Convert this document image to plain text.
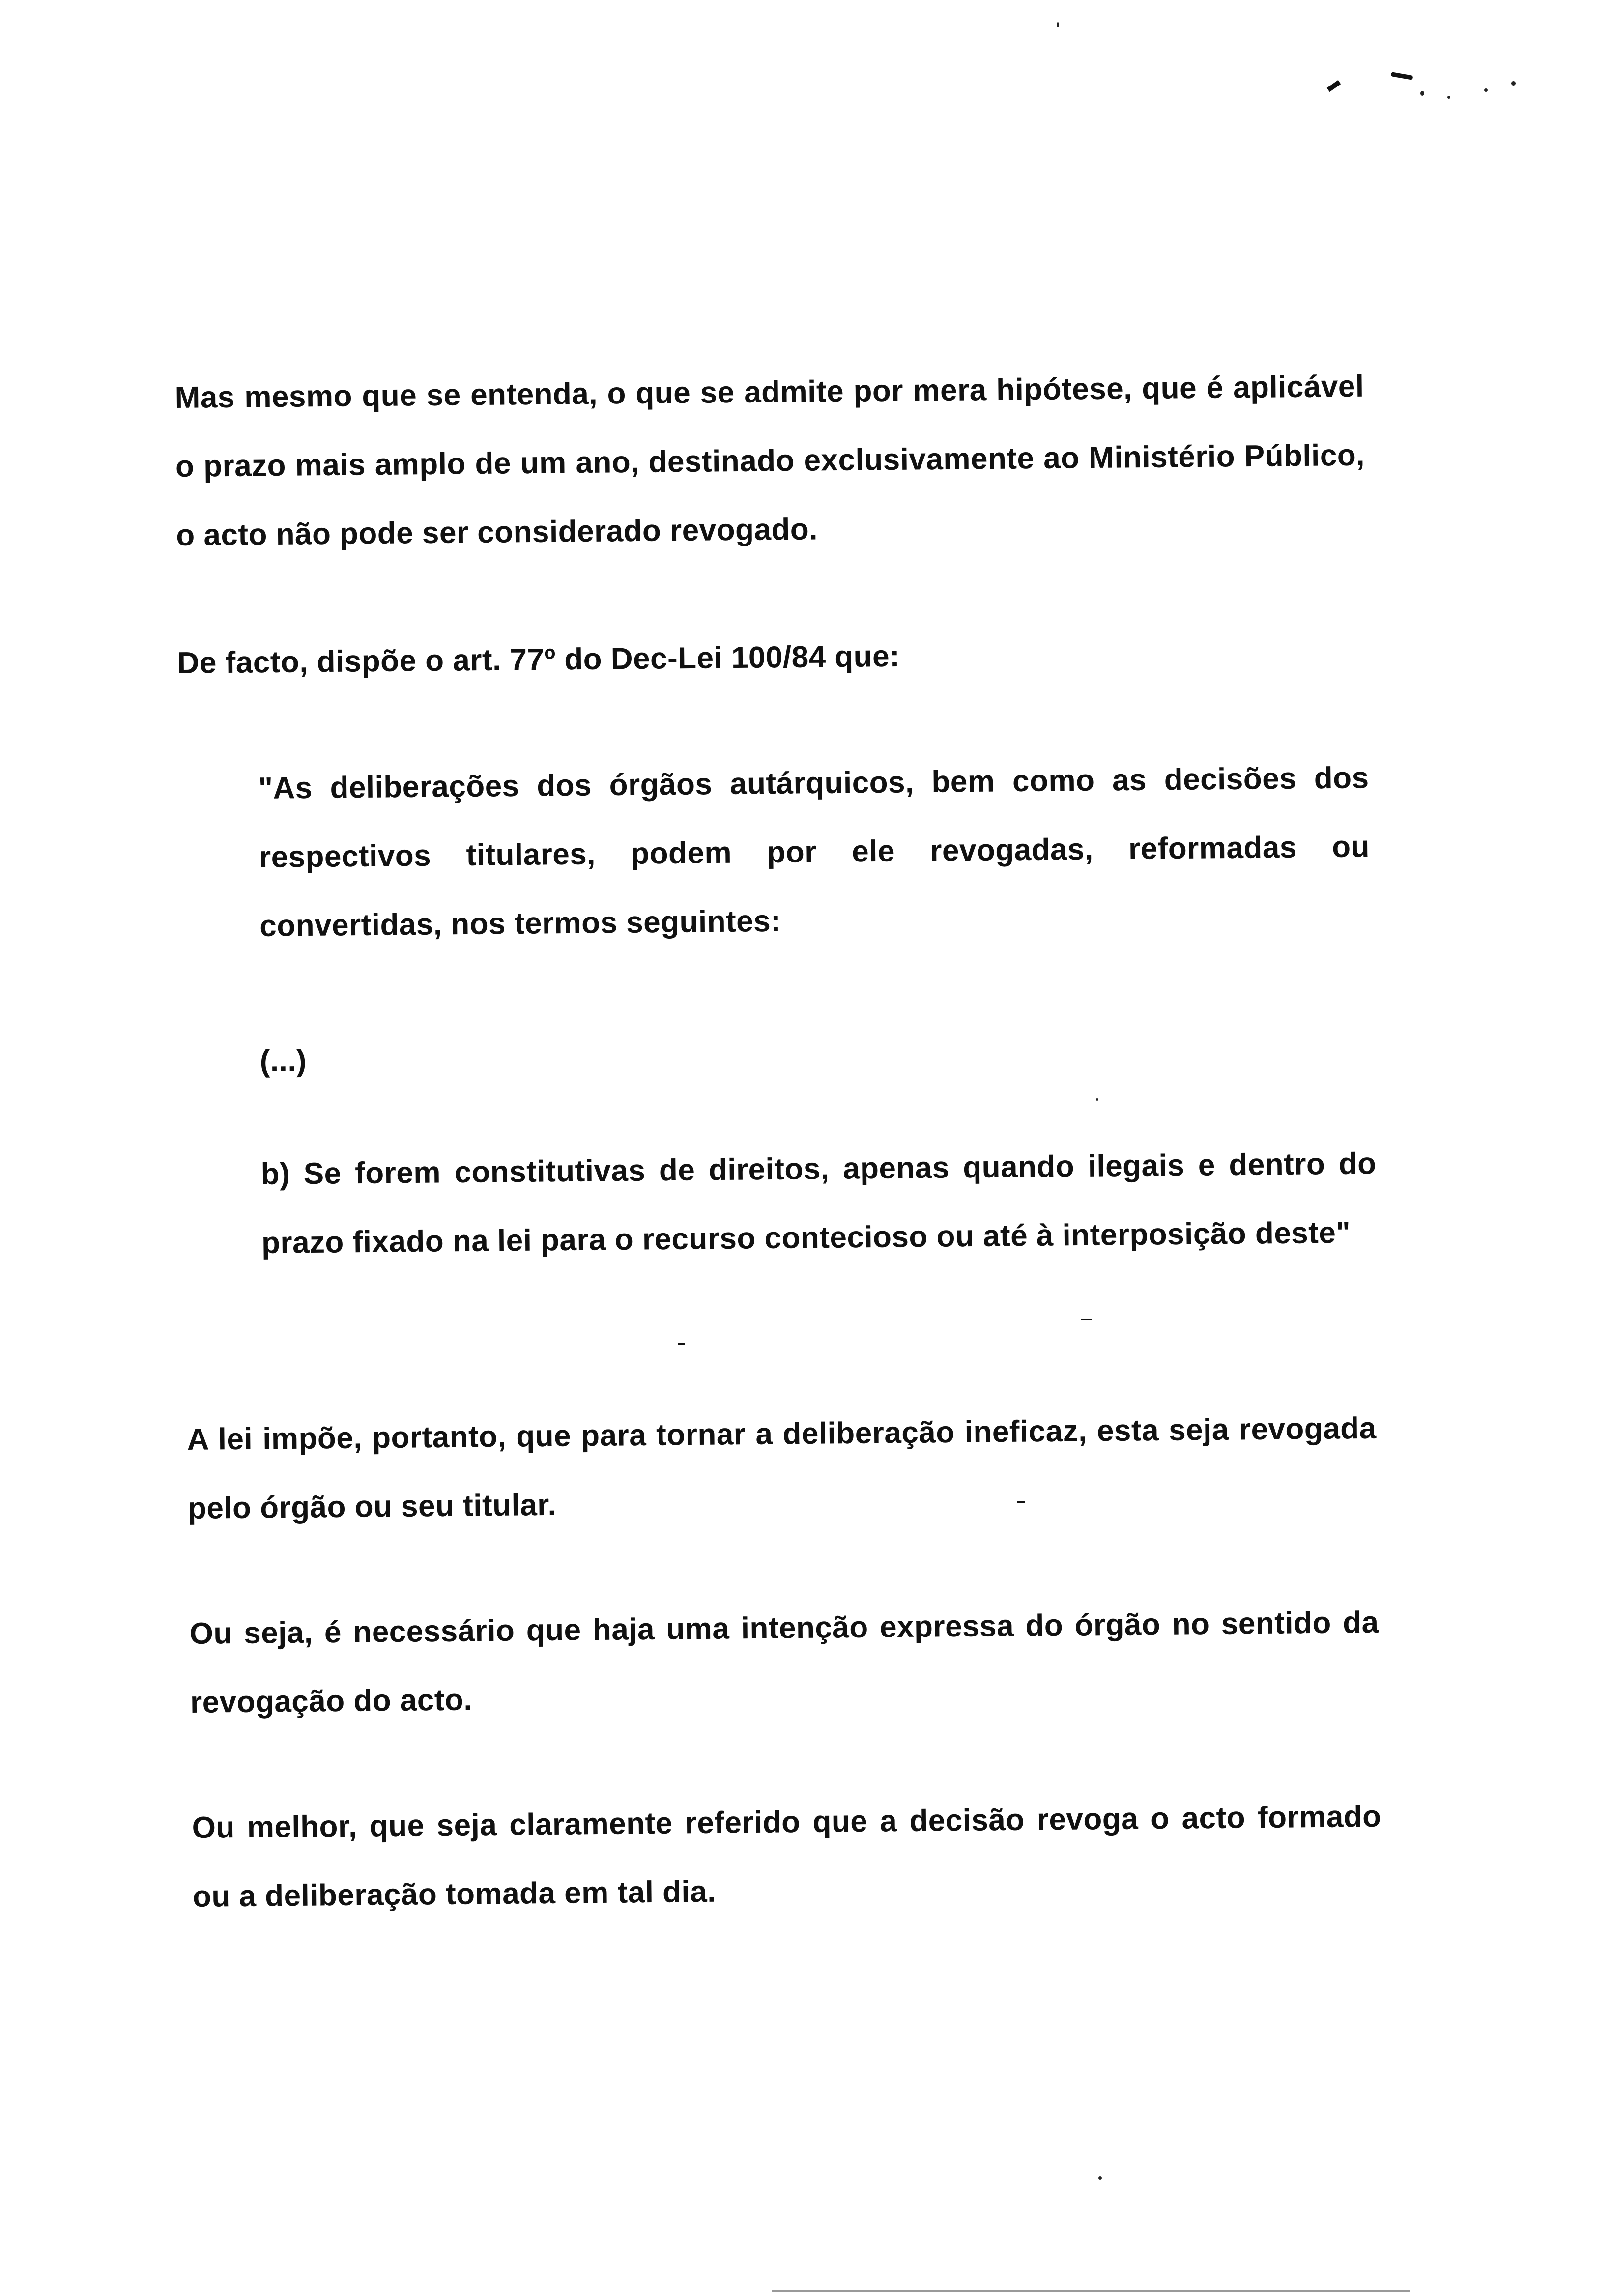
Mas mesmo que se entenda, o que se admite por mera hipótese, que é aplicável o prazo mais amplo de um ano, destinado exclusivamente ao Ministério Público, o acto não pode ser considerado revogado.

De facto, dispõe o art. 77º do Dec-Lei 100/84 que:

"As deliberações dos órgãos autárquicos, bem como as decisões dos respectivos titulares, podem por ele revogadas, reformadas ou convertidas, nos termos seguintes:

(...)

b) Se forem constitutivas de direitos, apenas quando ilegais e dentro do prazo fixado na lei para o recurso contecioso ou até à interposição deste"

A lei impõe, portanto, que para tornar a deliberação ineficaz, esta seja revogada pelo órgão ou seu titular.

Ou seja, é necessário que haja uma intenção expressa do órgão no sentido da revogação do acto.

Ou melhor, que seja claramente referido que a decisão revoga o acto formado ou a deliberação tomada em tal dia.
